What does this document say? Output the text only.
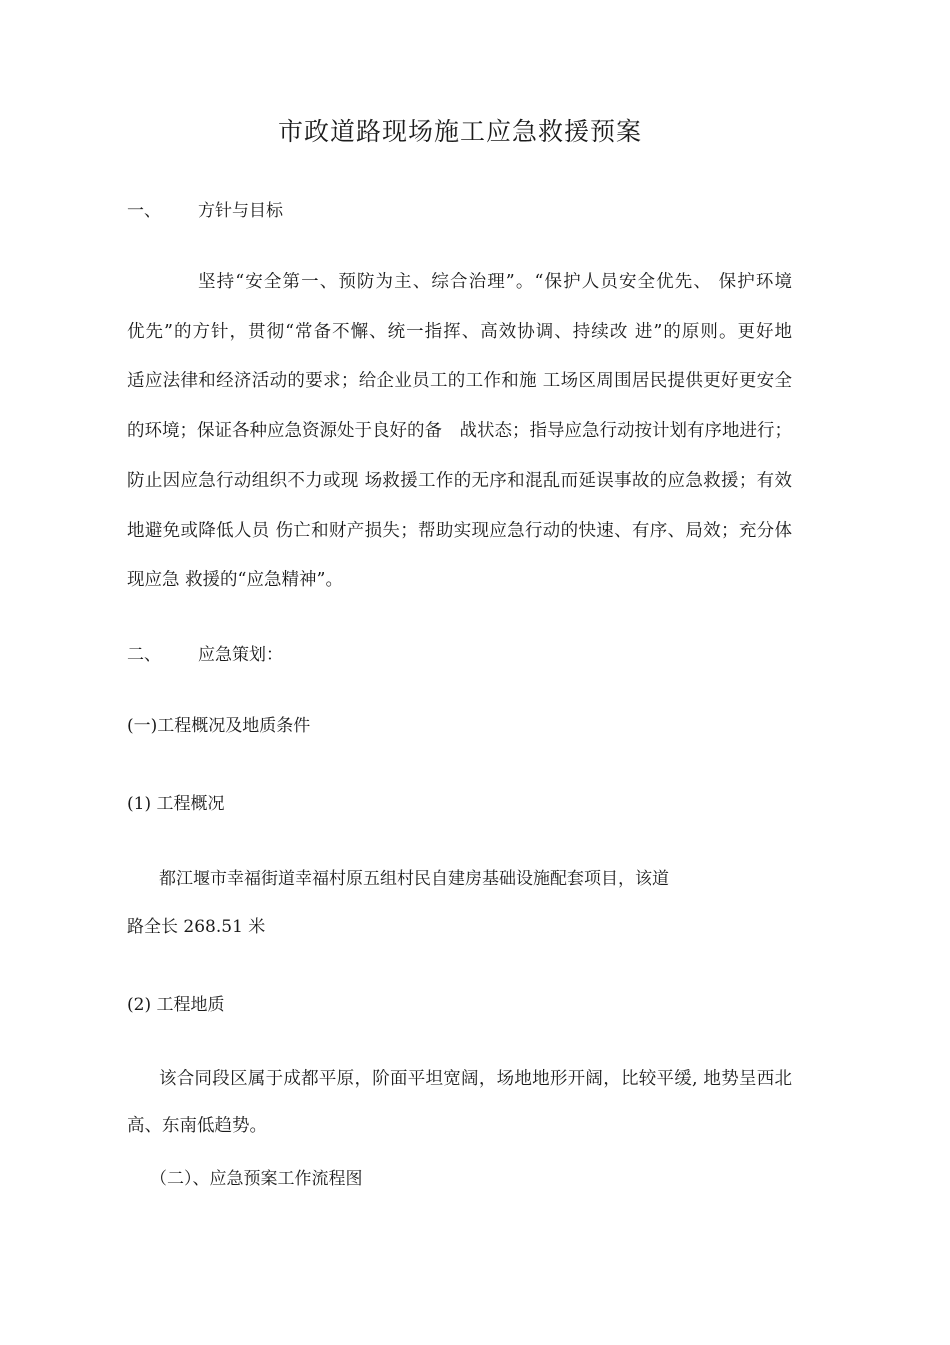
市政道路现场施工应急救援预案
一、 方针与目标
坚持“安全第一、预防为主、综合治理”。“保护人员安全优先、 保护环境
优先”的方针，贯彻“常备不懈、统一指挥、高效协调、持续改 进”的原则。更好地
适应法律和经济活动的要求；给企业员工的工作和施 工场区周围居民提供更好更安全
的环境；保证各种应急资源处于良好的备　战状态；指导应急行动按计划有序地进行；
防止因应急行动组织不力或现 场救援工作的无序和混乱而延误事故的应急救援；有效
地避免或降低人员 伤亡和财产损失；帮助实现应急行动的快速、有序、局效；充分体
现应急 救援的“应急精神”。
二、 应急策划：
(一)工程概况及地质条件
(1) 工程概况
都江堰市幸福街道幸福村原五组村民自建房基础设施配套项目，该道
路全长 268.51 米
(2) 工程地质
该合同段区属于成都平原，阶面平坦宽阔，场地地形开阔，比较平缓, 地势呈西北
高、东南低趋势。
（二）、应急预案工作流程图
